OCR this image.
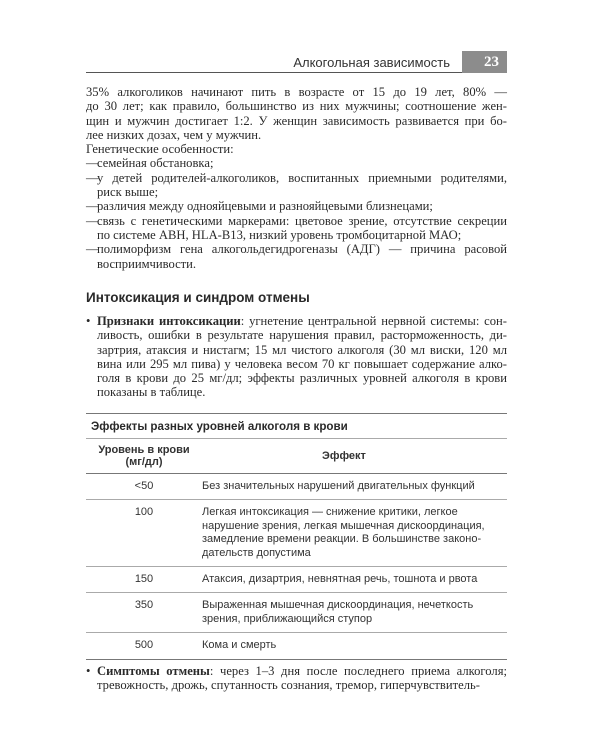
Алкогольная зависимость	23
35% алкоголиков начинают пить в возрасте от 15 до 19 лет, 80% —
до 30 лет; как правило, большинство из них мужчины; соотношение жен-
щин и мужчин достигает 1:2. У женщин зависимость развивается при бо-
лее низких дозах, чем у мужчин.
Генетические особенности:
—
семейная обстановка;
—
у детей родителей-алкоголиков, воспитанных приемными родителями,
риск выше;
—
различия между однояйцевыми и разнояйцевыми близнецами;
—
связь с генетическими маркерами: цветовое зрение, отсутствие секреции
по системе ABH, HLA-B13, низкий уровень тромбоцитарной МАО;
—
полиморфизм гена алкогольдегидрогеназы (АДГ) — причина расовой
восприимчивости.
Интоксикация и синдром отмены
• Признаки интоксикации: угнетение центральной нервной системы: сон-
ливость, ошибки в результате нарушения правил, расторможенность, ди-
зартрия, атаксия и нистагм; 15 мл чистого алкоголя (30 мл виски, 120 мл
вина или 295 мл пива) у человека весом 70 кг повышает содержание алко-
голя в крови до 25 мг/дл; эффекты различных уровней алкоголя в крови
показаны в таблице.
Эффекты разных уровней алкоголя в крови
Уровень в крови
(мг/дл)	Эффект
<50	Без значительных нарушений двигательных функций
100	Легкая интоксикация — снижение критики, легкое
нарушение зрения, легкая мышечная дискоординация,
замедление времени реакции. В большинстве законо-
дательств допустима
150	Атаксия, дизартрия, невнятная речь, тошнота и рвота
350	Выраженная мышечная дискоординация, нечеткость
зрения, приближающийся ступор
500	Кома и смерть
• Симптомы отмены: через 1–3 дня после последнего приема алкоголя;
тревожность, дрожь, спутанность сознания, тремор, гиперчувствитель-
